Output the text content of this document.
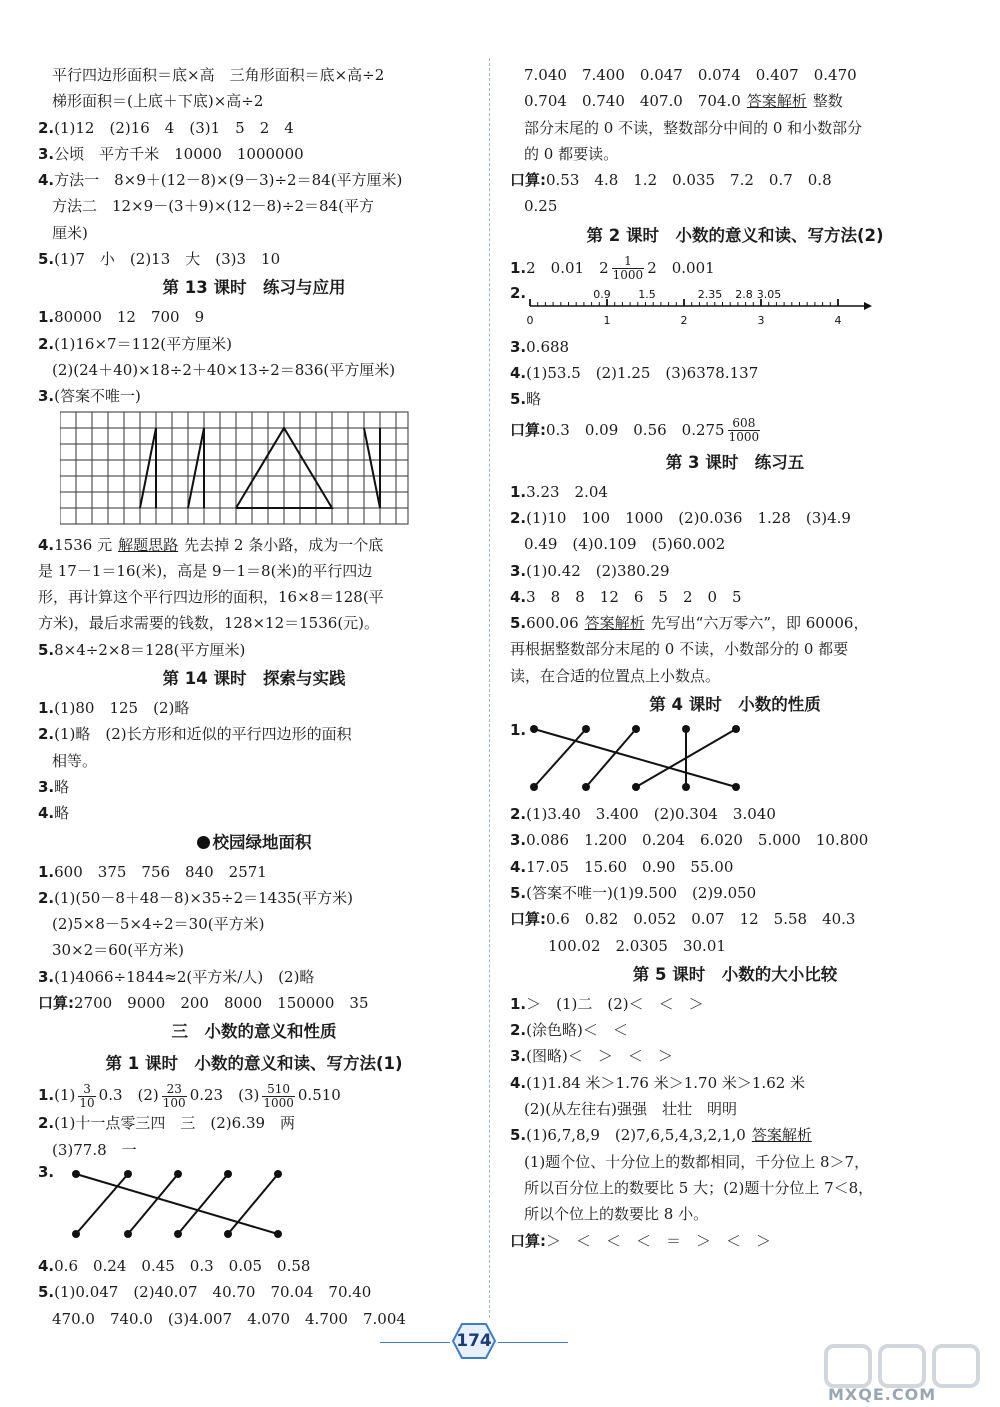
平行四边形面积＝底×高　三角形面积＝底×高÷2
梯形面积＝(上底＋下底)×高÷2
2.(1)12　(2)16　4　(3)1　5　2　4
3.公顷　平方千米　10000　1000000
4.方法一　8×9＋(12－8)×(9－3)÷2＝84(平方厘米)
方法二　12×9－(3＋9)×(12－8)÷2＝84(平方
厘米)
5.(1)7　小　(2)13　大　(3)3　10
第 13 课时　练习与应用
1.80000　12　700　9
2.(1)16×7＝112(平方厘米)
(2)(24＋40)×18÷2＋40×13÷2＝836(平方厘米)
3.(答案不唯一)
4.1536 元 解题思路 先去掉 2 条小路，成为一个底
是 17－1＝16(米)，高是 9－1＝8(米)的平行四边
形，再计算这个平行四边形的面积，16×8＝128(平
方米)，最后求需要的钱数，128×12＝1536(元)。
5.8×4÷2×8＝128(平方厘米)
第 14 课时　探索与实践
1.(1)80　125　(2)略
2.(1)略　(2)长方形和近似的平行四边形的面积
相等。
3.略
4.略
校园绿地面积
1.600　375　756　840　2571
2.(1)(50－8＋48－8)×35÷2＝1435(平方米)
(2)5×8－5×4÷2＝30(平方米)
30×2＝60(平方米)
3.(1)4066÷1844≈2(平方米/人)　(2)略
口算:2700　9000　200　8000　150000　35
三　小数的意义和性质
第 1 课时　小数的意义和读、写方法(1)
$1.(1) \frac{3}{10} 0.3$　$(2) \frac{23}{100} 0.23$　$(3) \frac{510}{1000} 0.510$
2.(1)十一点零三四　三　(2)6.39　两
(3)77.8　一
3.
4.0.6　0.24　0.45　0.3　0.05　0.58
5.(1)0.047　(2)40.07　40.70　70.04　70.40
470.0　740.0　(3)4.007　4.070　4.700　7.004
7.040　7.400　0.047　0.074　0.407　0.470
0.704　0.740　407.0　704.0 答案解析 整数
部分末尾的 0 不读，整数部分中间的 0 和小数部分
的 0 都要读。
口算:0.53　4.8　1.2　0.035　7.2　0.7　0.8
0.25
第 2 课时　小数的意义和读、写方法(2)
1.2　0.01　$2 \frac{1}{1000} 2$　0.001
2.	0.9	1.5	2.35 2.8 3.05
0	1	2	3	4
3.0.688
4.(1)53.5　(2)1.25　(3)6378.137
5.略
口算:0.3　0.09　0.56　$0.275 \frac{608}{1000}$
第 3 课时　练习五
1.3.23　2.04
2.(1)10　100　1000　(2)0.036　1.28　(3)4.9
0.49　(4)0.109　(5)60.002
3.(1)0.42　(2)380.29
4.3　8　8　12　6　5　2　0　5
5.600.06 答案解析 先写出“六万零六”，即 60006，
再根据整数部分末尾的 0 不读，小数部分的 0 都要
读，在合适的位置点上小数点。
第 4 课时　小数的性质
1.
2.(1)3.40　3.400　(2)0.304　3.040
3.0.086　1.200　0.204　6.020　5.000　10.800
4.17.05　15.60　0.90　55.00
5.(答案不唯一)(1)9.500　(2)9.050
口算:0.6　0.82　0.052　0.07　12　5.58　40.3
100.02　2.0305　30.01
第 5 课时　小数的大小比较
1.＞　(1)二　(2)＜　＜　＞
2.(涂色略)＜　＜
3.(图略)＜　＞　＜　＞
4.(1)1.84 米＞1.76 米＞1.70 米＞1.62 米
(2)(从左往右)强强　壮壮　明明
5.(1)6,7,8,9　(2)7,6,5,4,3,2,1,0 答案解析
(1)题个位、十分位上的数都相同，千分位上 8＞7，
所以百分位上的数要比 5 大；(2)题十分位上 7＜8，
所以个位上的数要比 8 小。
口算:＞　＜　＜　＜　＝　＞　＜　＞
174
MXQE.COM
